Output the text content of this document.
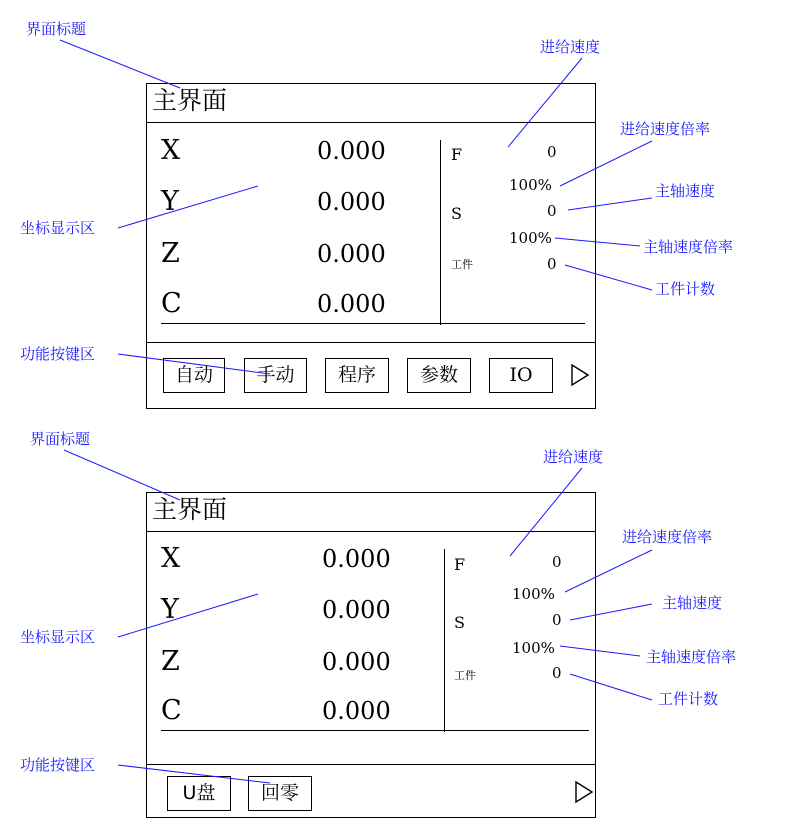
主界面
X	0.000
Y	0.000
Z	0.000
C	0.000
F	0
100%
S	0
100%
工件	0
自动	手动	程序	参数	IO
主界面
X	0.000
Y	0.000
Z	0.000
C	0.000
F	0
100%
S	0
100%
工件	0
U盘	回零
界面标题
坐标显示区
功能按键区
进给速度
进给速度倍率
主轴速度
主轴速度倍率
工件计数
界面标题
坐标显示区
功能按键区
进给速度
进给速度倍率
主轴速度
主轴速度倍率
工件计数
